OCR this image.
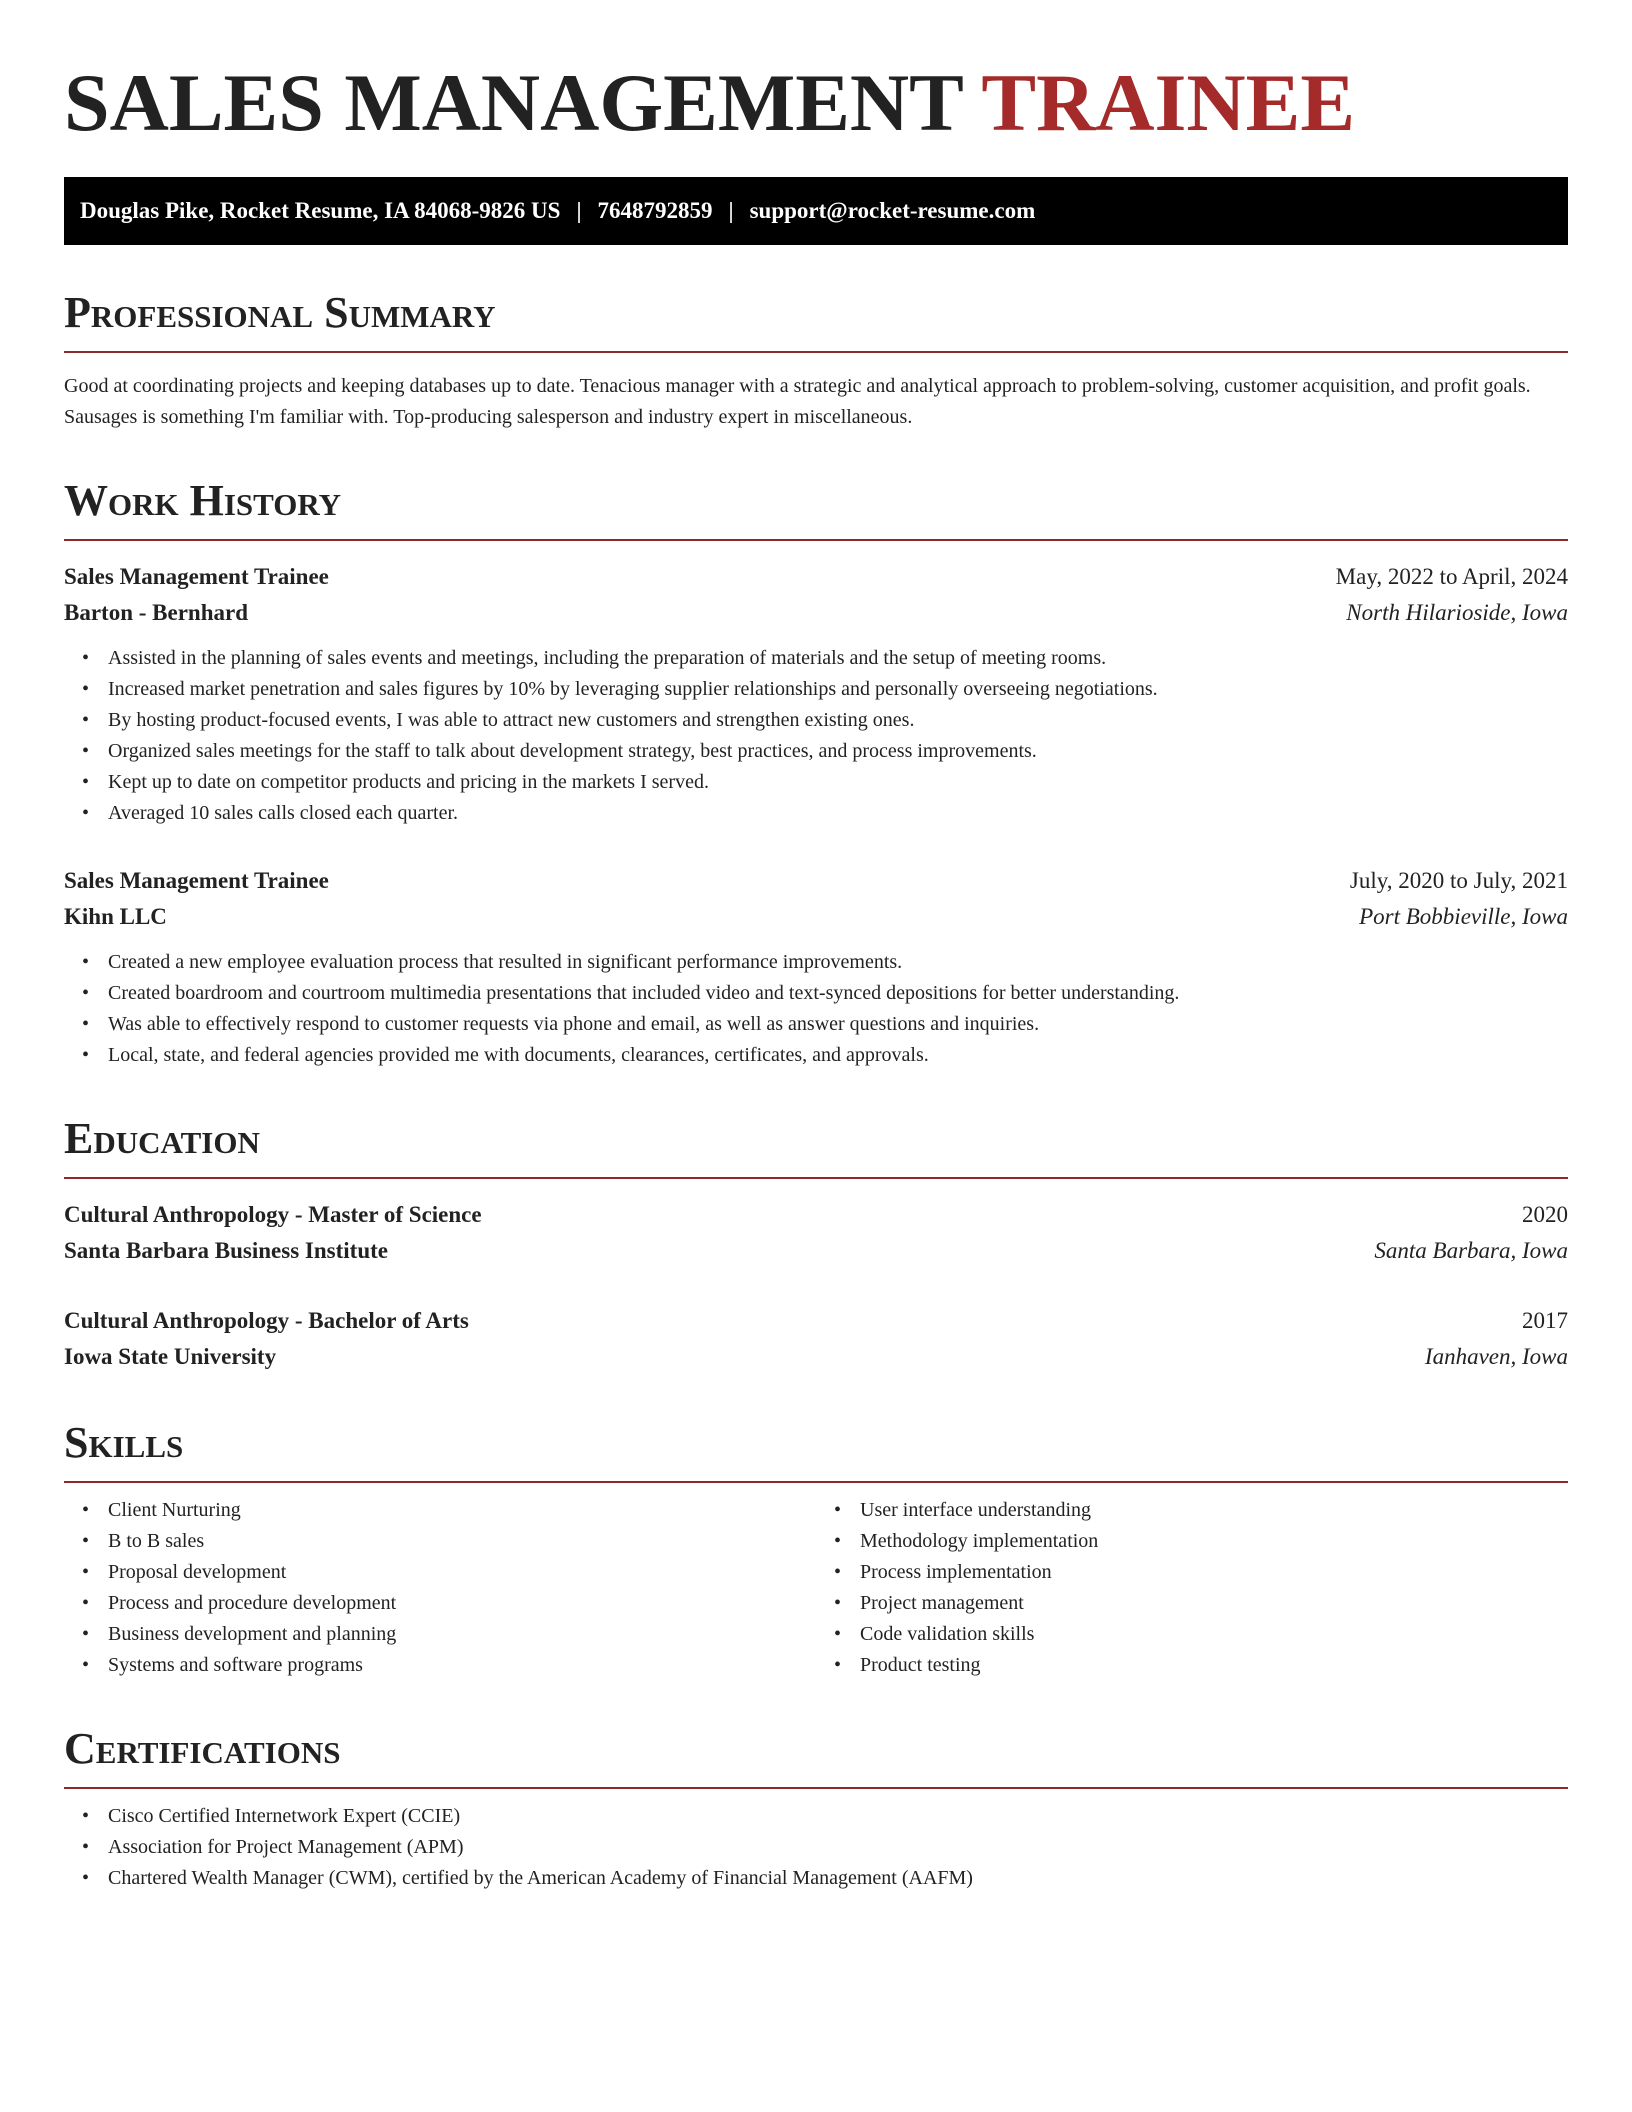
SALES MANAGEMENT TRAINEE
Douglas Pike, Rocket Resume, IA 84068-9826 US | 7648792859 | support@rocket-resume.com
Professional Summary

Good at coordinating projects and keeping databases up to date. Tenacious manager with a strategic and analytical approach to problem-solving, customer acquisition, and profit goals. Sausages is something I'm familiar with. Top-producing salesperson and industry expert in miscellaneous.

Work History
Sales Management Trainee	May, 2022 to April, 2024
Barton - Bernhard	North Hilarioside, Iowa
• Assisted in the planning of sales events and meetings, including the preparation of materials and the setup of meeting rooms.
• Increased market penetration and sales figures by 10% by leveraging supplier relationships and personally overseeing negotiations.
• By hosting product-focused events, I was able to attract new customers and strengthen existing ones.
• Organized sales meetings for the staff to talk about development strategy, best practices, and process improvements.
• Kept up to date on competitor products and pricing in the markets I served.
• Averaged 10 sales calls closed each quarter.
Sales Management Trainee	July, 2020 to July, 2021
Kihn LLC	Port Bobbieville, Iowa
• Created a new employee evaluation process that resulted in significant performance improvements.
• Created boardroom and courtroom multimedia presentations that included video and text-synced depositions for better understanding.
• Was able to effectively respond to customer requests via phone and email, as well as answer questions and inquiries.
• Local, state, and federal agencies provided me with documents, clearances, certificates, and approvals.
Education
Cultural Anthropology - Master of Science	2020
Santa Barbara Business Institute	Santa Barbara, Iowa
Cultural Anthropology - Bachelor of Arts	2017
Iowa State University	Ianhaven, Iowa
Skills
• Client Nurturing
• B to B sales
• Proposal development
• Process and procedure development
• Business development and planning
• Systems and software programs
• User interface understanding
• Methodology implementation
• Process implementation
• Project management
• Code validation skills
• Product testing
Certifications
• Cisco Certified Internetwork Expert (CCIE)
• Association for Project Management (APM)
• Chartered Wealth Manager (CWM), certified by the American Academy of Financial Management (AAFM)
